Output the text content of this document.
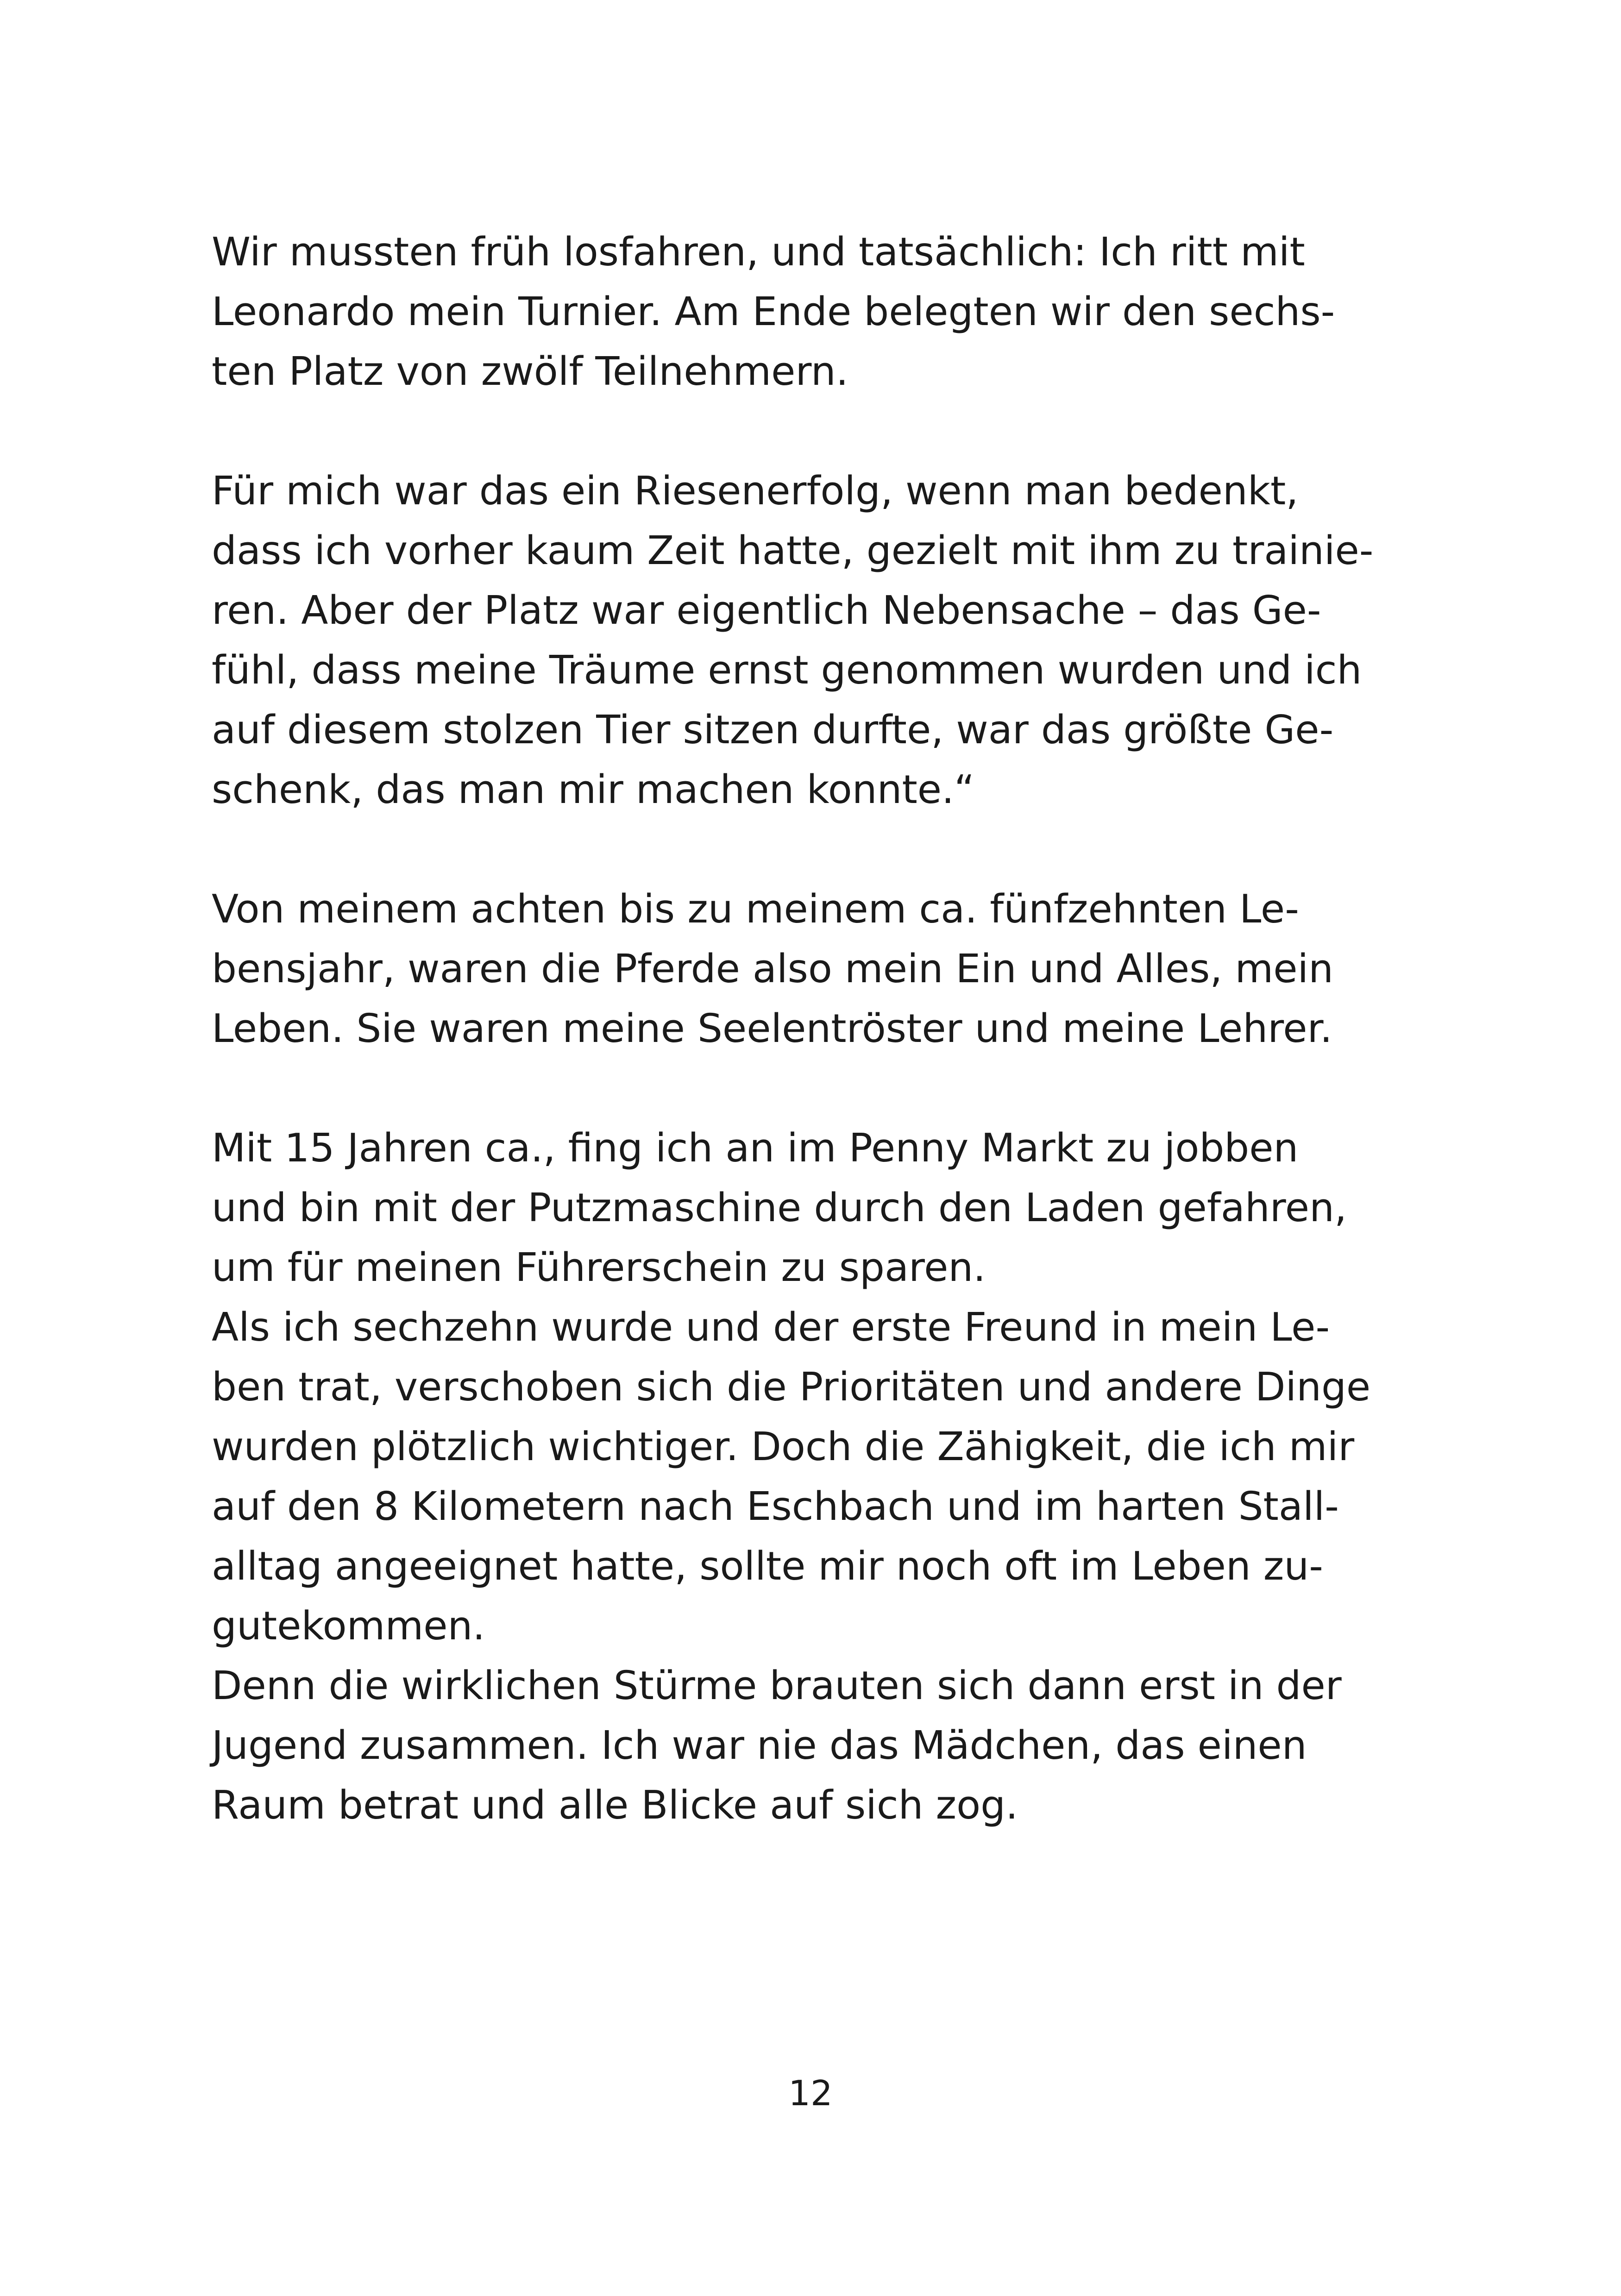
Wir mussten früh losfahren, und tatsächlich: Ich ritt mit
Leonardo mein Turnier. Am Ende belegten wir den sechs-
ten Platz von zwölf Teilnehmern.
Für mich war das ein Riesenerfolg, wenn man bedenkt,
dass ich vorher kaum Zeit hatte, gezielt mit ihm zu trainie-
ren. Aber der Platz war eigentlich Nebensache – das Ge-
fühl, dass meine Träume ernst genommen wurden und ich
auf diesem stolzen Tier sitzen durfte, war das größte Ge-
schenk, das man mir machen konnte.“
Von meinem achten bis zu meinem ca. fünfzehnten Le-
bensjahr, waren die Pferde also mein Ein und Alles, mein
Leben. Sie waren meine Seelentröster und meine Lehrer.
Mit 15 Jahren ca., fing ich an im Penny Markt zu jobben
und bin mit der Putzmaschine durch den Laden gefahren,
um für meinen Führerschein zu sparen.
Als ich sechzehn wurde und der erste Freund in mein Le-
ben trat, verschoben sich die Prioritäten und andere Dinge
wurden plötzlich wichtiger. Doch die Zähigkeit, die ich mir
auf den 8 Kilometern nach Eschbach und im harten Stall-
alltag angeeignet hatte, sollte mir noch oft im Leben zu-
gutekommen.
Denn die wirklichen Stürme brauten sich dann erst in der
Jugend zusammen. Ich war nie das Mädchen, das einen
Raum betrat und alle Blicke auf sich zog.
12
